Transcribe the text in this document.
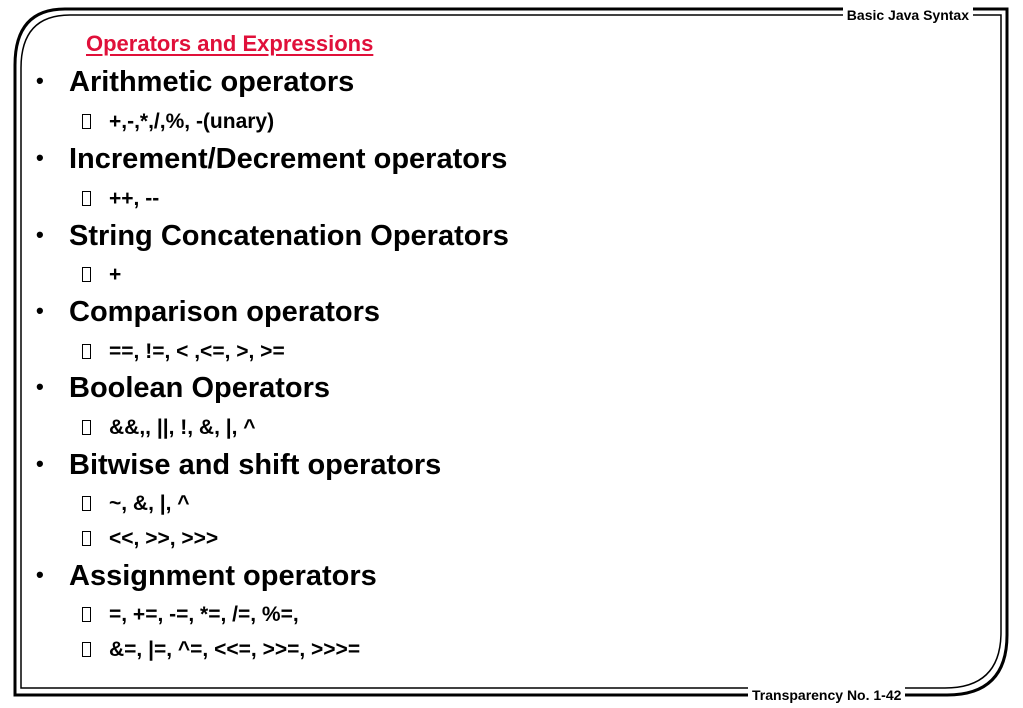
Basic Java Syntax
Transparency No. 1-42
Operators and Expressions
• Arithmetic operators
+,-,*,/,%, -(unary)
• Increment/Decrement operators
++, --
• String Concatenation Operators
+
• Comparison operators
==, !=, < ,<=, >, >=
• Boolean Operators
&&,, ||, !, &, |, ^
• Bitwise and shift operators
~, &, |, ^
<<, >>, >>>
• Assignment operators
=, +=, -=, *=, /=, %=,
&=, |=, ^=, <<=, >>=, >>>=
